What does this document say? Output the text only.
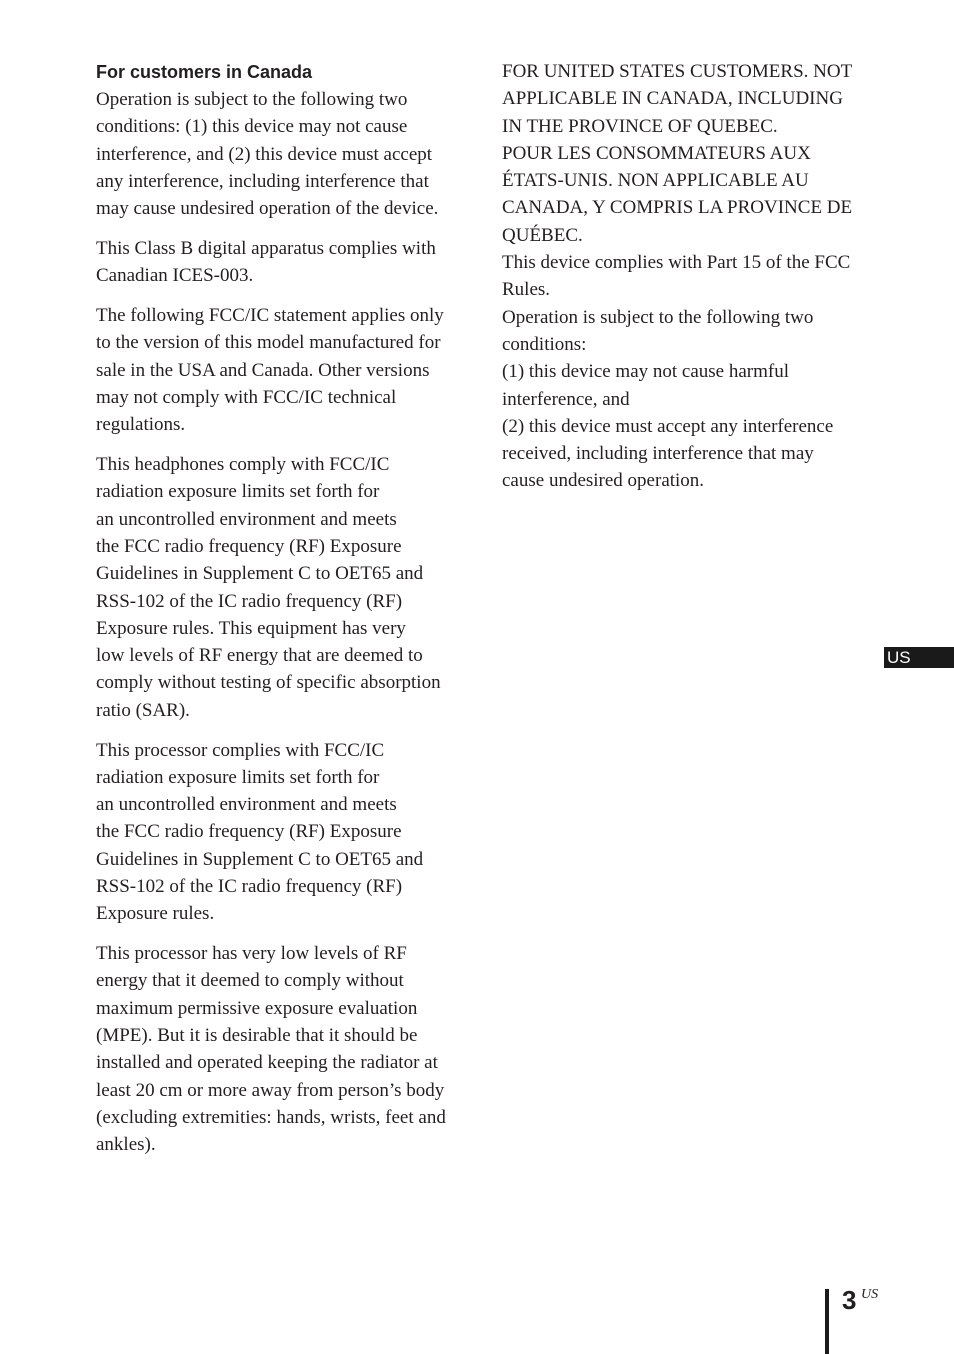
For customers in Canada

Operation is subject to the following two
conditions: (1) this device may not cause
interference, and (2) this device must accept
any interference, including interference that
may cause undesired operation of the device.

This Class B digital apparatus complies with
Canadian ICES-003.

The following FCC/IC statement applies only
to the version of this model manufactured for
sale in the USA and Canada. Other versions
may not comply with FCC/IC technical
regulations.

This headphones comply with FCC/IC
radiation exposure limits set forth for
an uncontrolled environment and meets
the FCC radio frequency (RF) Exposure
Guidelines in Supplement C to OET65 and
RSS-102 of the IC radio frequency (RF)
Exposure rules. This equipment has very
low levels of RF energy that are deemed to
comply without testing of specific absorption
ratio (SAR).

This processor complies with FCC/IC
radiation exposure limits set forth for
an uncontrolled environment and meets
the FCC radio frequency (RF) Exposure
Guidelines in Supplement C to OET65 and
RSS-102 of the IC radio frequency (RF)
Exposure rules.

This processor has very low levels of RF
energy that it deemed to comply without
maximum permissive exposure evaluation
(MPE). But it is desirable that it should be
installed and operated keeping the radiator at
least 20 cm or more away from person’s body
(excluding extremities: hands, wrists, feet and
ankles).

FOR UNITED STATES CUSTOMERS. NOT
APPLICABLE IN CANADA, INCLUDING
IN THE PROVINCE OF QUEBEC.

POUR LES CONSOMMATEURS AUX
ÉTATS-UNIS. NON APPLICABLE AU
CANADA, Y COMPRIS LA PROVINCE DE
QUÉBEC.

This device complies with Part 15 of the FCC
Rules.

Operation is subject to the following two
conditions:

(1) this device may not cause harmful
interference, and

(2) this device must accept any interference
received, including interference that may
cause undesired operation.

US
3 US
